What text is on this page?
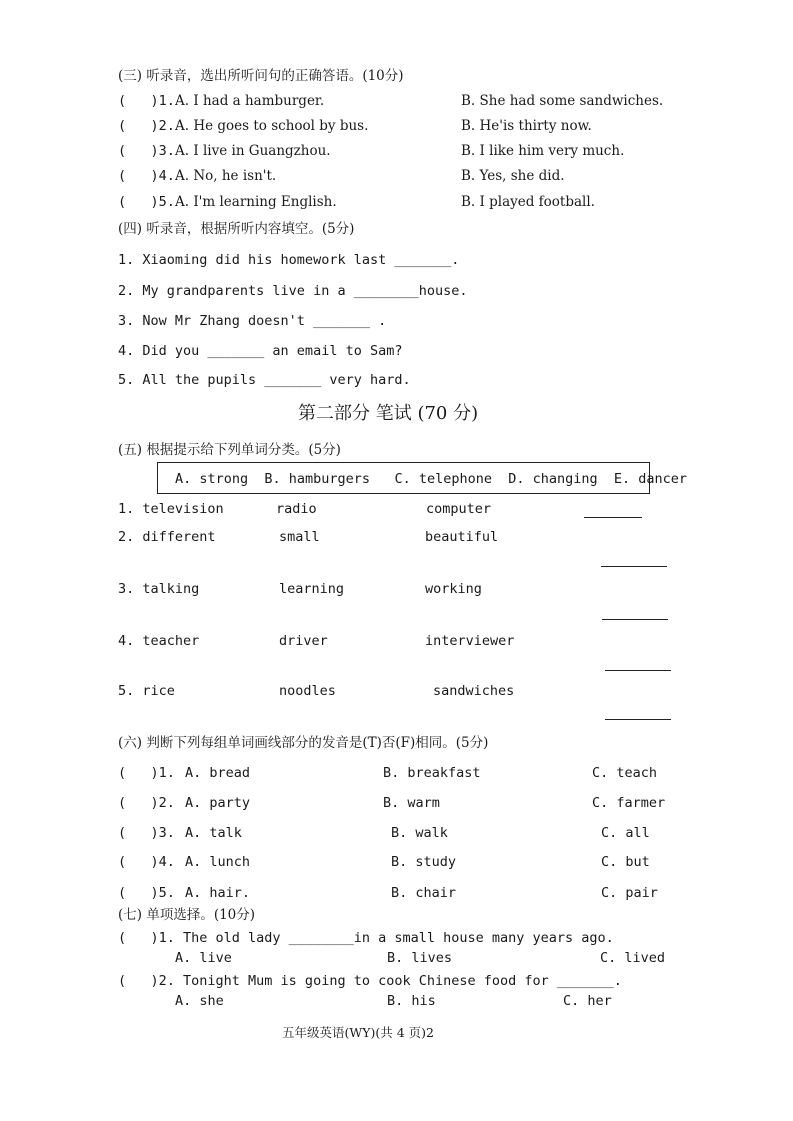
(三) 听录音，选出所听问句的正确答语。(10分)
(   )1. A. I had a hamburger.	B. She had some sandwiches.
(   )2. A. He goes to school by bus.	B. He'is thirty now.
(   )3. A. I live in Guangzhou.	B. I like him very much.
(   )4. A. No, he isn't.	B. Yes, she did.
(   )5. A. I'm learning English.	B. I played football.
(四) 听录音，根据所听内容填空。(5分)
1. Xiaoming did his homework last _______.
2. My grandparents live in a ________house.
3. Now Mr Zhang doesn't _______ .
4. Did you _______ an email to Sam?
5. All the pupils _______ very hard.
第二部分 笔试 (70 分)
(五) 根据提示给下列单词分类。(5分)
A. strong  B. hamburgers   C. telephone  D. changing  E. dancer
1. television	radio	computer
2. different	small	beautiful
3. talking	learning	working
4. teacher	driver	interviewer
5. rice	noodles	sandwiches
(六) 判断下列每组单词画线部分的发音是(T)否(F)相同。(5分)
(   )1. A. bread	B. breakfast	C. teach
(   )2. A. party	B. warm	C. farmer
(   )3. A. talk	B. walk	C. all
(   )4. A. lunch	B. study	C. but
(   )5. A. hair.	B. chair	C. pair
(七) 单项选择。(10分)
(   )1. The old lady ________in a small house many years ago.
A. live	B. lives	C. lived
(   )2. Tonight Mum is going to cook Chinese food for _______.
A. she	B. his	C. her
五年级英语(WY)(共 4 页)2
